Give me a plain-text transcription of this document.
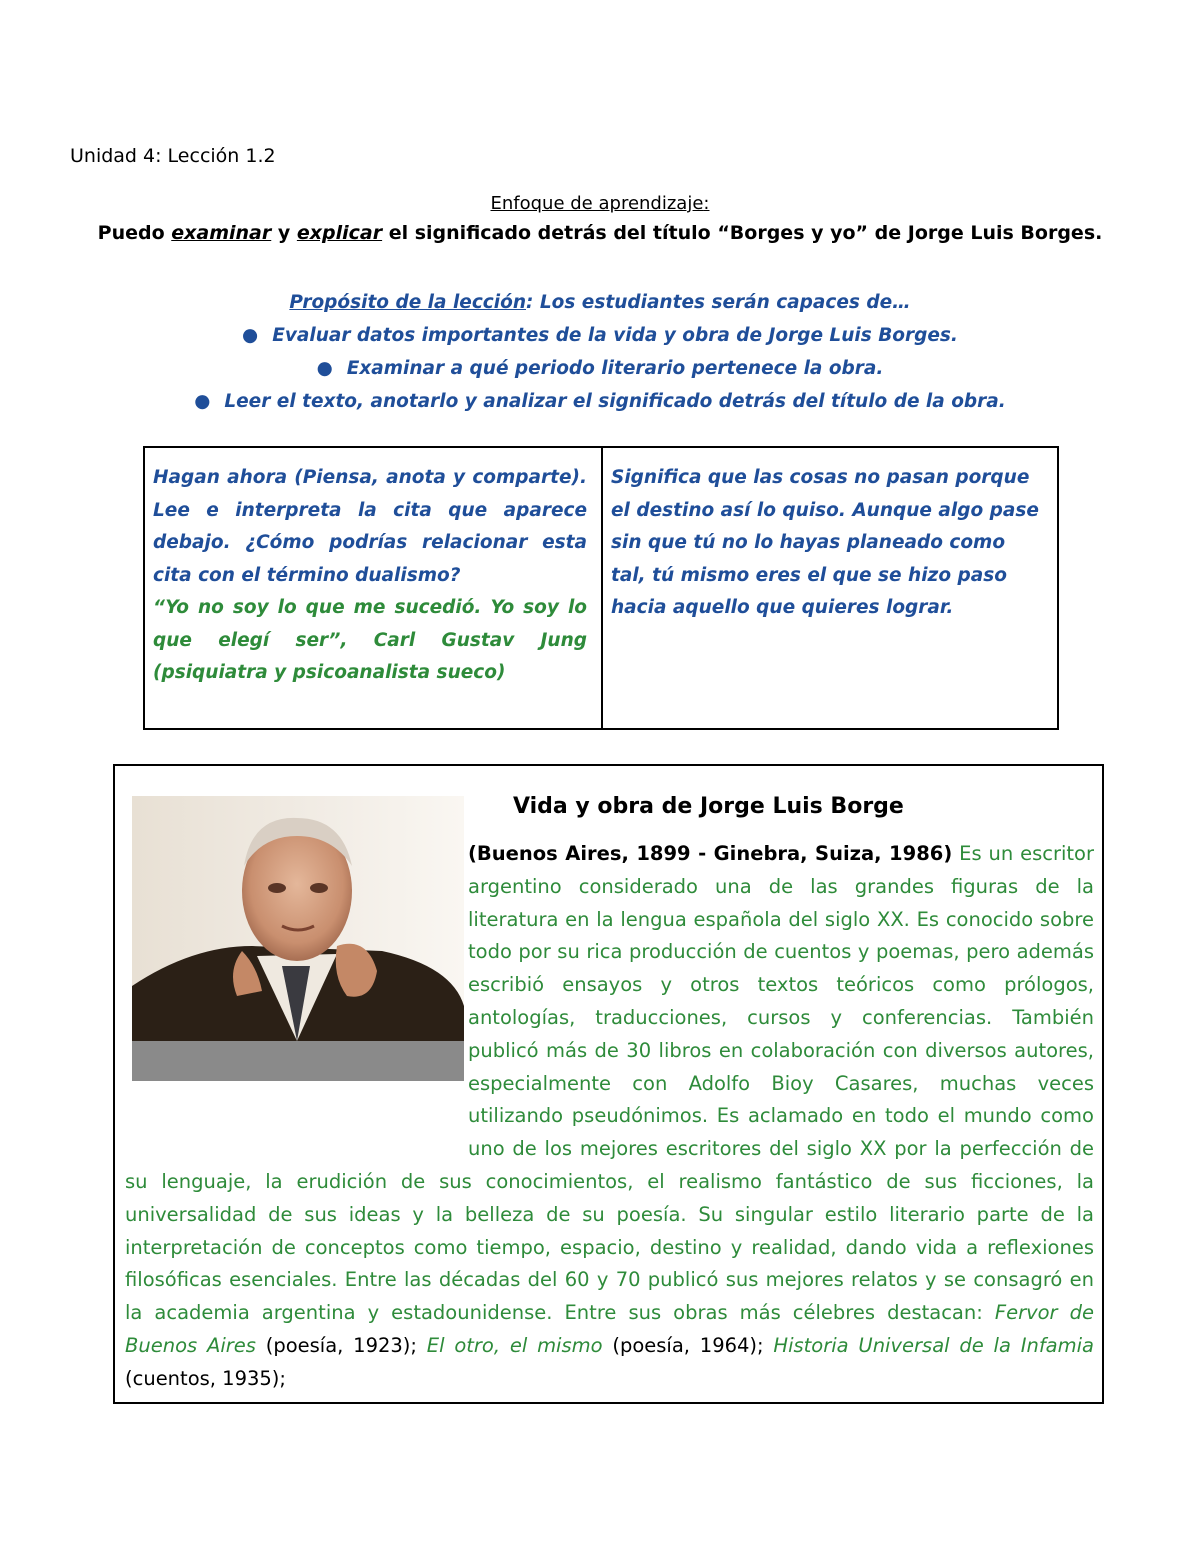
Unidad 4: Lección 1.2
Enfoque de aprendizaje:
Puedo examinar y explicar el significado detrás del título “Borges y yo” de Jorge Luis Borges.
Propósito de la lección: Los estudiantes serán capaces de…
● Evaluar datos importantes de la vida y obra de Jorge Luis Borges.
● Examinar a qué periodo literario pertenece la obra.
● Leer el texto, anotarlo y analizar el significado detrás del título de la obra.
Hagan ahora (Piensa, anota y comparte). Lee e interpreta la cita que aparece debajo. ¿Cómo podrías relacionar esta cita con el término dualismo?
“Yo no soy lo que me sucedió. Yo soy lo que elegí ser”, Carl Gustav Jung (psiquiatra y psicoanalista sueco)
Significa que las cosas no pasan porque el destino así lo quiso. Aunque algo pase sin que tú no lo hayas planeado como tal, tú mismo eres el que se hizo paso hacia aquello que quieres lograr.
Vida y obra de Jorge Luis Borge
(Buenos Aires, 1899 - Ginebra, Suiza, 1986) Es un escritor argentino considerado una de las grandes figuras de la literatura en la lengua española del siglo XX. Es conocido sobre todo por su rica producción de cuentos y poemas, pero además escribió ensayos y otros textos teóricos como prólogos, antologías, traducciones, cursos y conferencias. También publicó más de 30 libros en colaboración con diversos autores, especialmente con Adolfo Bioy Casares, muchas veces utilizando pseudónimos. Es aclamado en todo el mundo como uno de los mejores escritores del siglo XX por la perfección de su lenguaje, la erudición de sus conocimientos, el realismo fantástico de sus ficciones, la universalidad de sus ideas y la belleza de su poesía. Su singular estilo literario parte de la interpretación de conceptos como tiempo, espacio, destino y realidad, dando vida a reflexiones filosóficas esenciales. Entre las décadas del 60 y 70 publicó sus mejores relatos y se consagró en la academia argentina y estadounidense. Entre sus obras más célebres destacan: Fervor de Buenos Aires (poesía, 1923); El otro, el mismo (poesía, 1964); Historia Universal de la Infamia (cuentos, 1935);
